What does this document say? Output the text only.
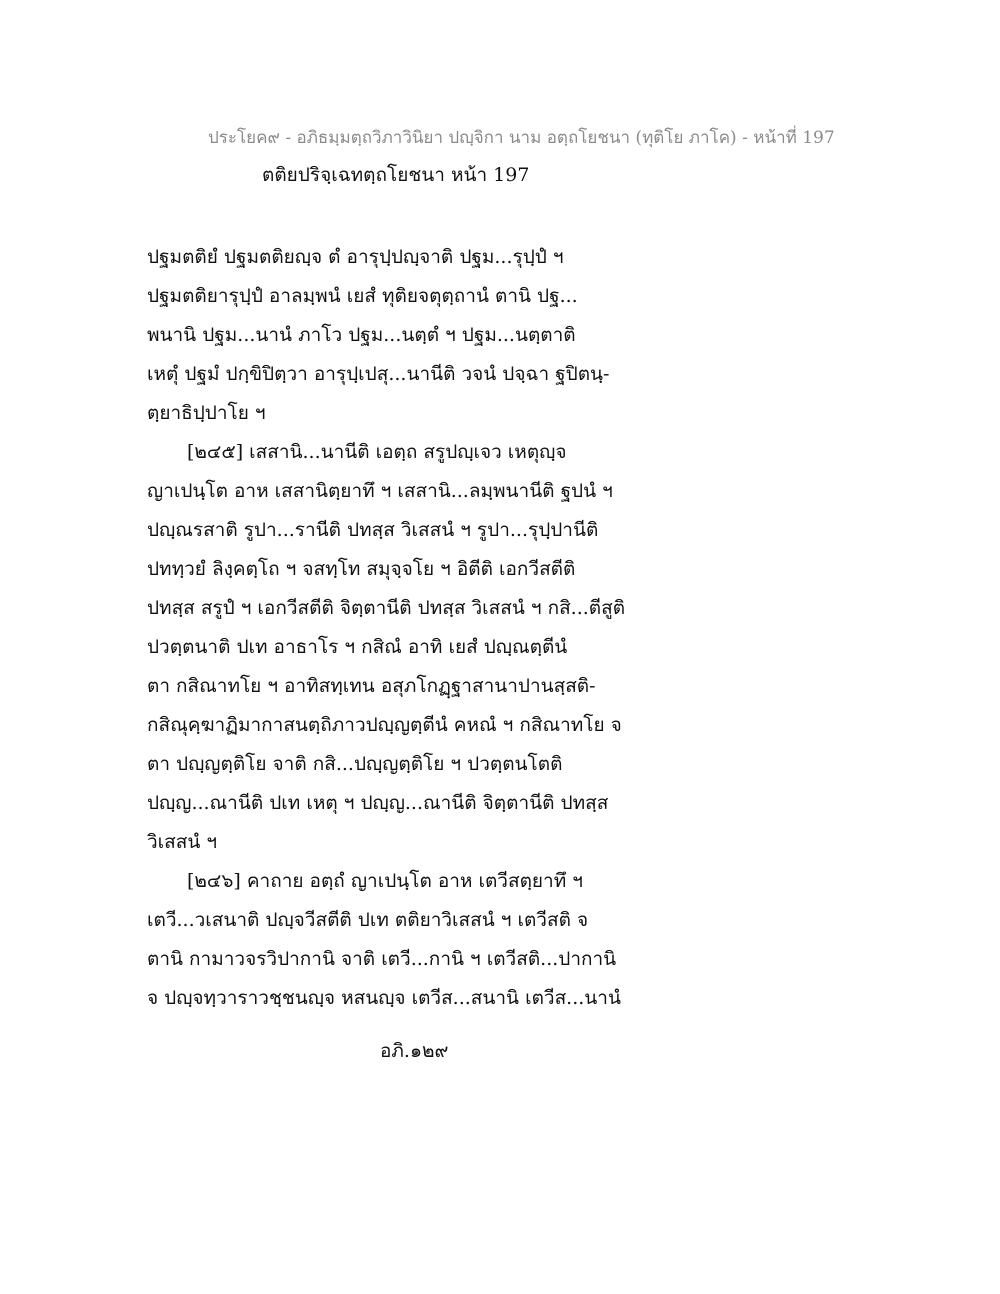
ประโยค๙ - อภิธมฺมตฺถวิภาวินิยา ปญฺจิกา นาม อตฺถโยชนา (ทุติโย ภาโค) - หน้าที่ 197
ตติยปริจฺเฉทตฺถโยชนา หน้า 197
ปฐมตติยํ ปฐมตติยญฺจ ตํ อารุปฺปญฺจาติ ปฐม...รุปฺปํ ฯ
ปฐมตติยารุปฺปํ อาลมฺพนํ เยสํ ทุติยจตุตฺถานํ ตานิ ปฐ...
พนานิ ปฐม...นานํ ภาโว ปฐม...นตฺตํ ฯ ปฐม...นตฺตาติ
เหตุํ ปฐมํ ปกฺขิปิตฺวา อารุปฺเปสุ...นานีติ วจนํ ปจฺฉา ฐปิตนฺ-
ตฺยาธิปฺปาโย ฯ
[๒๔๕] เสสานิ...นานีติ เอตฺถ สรูปญฺเจว เหตุญฺจ
ญาเปนฺโต อาห เสสานิตฺยาทึ ฯ เสสานิ...ลมฺพนานีติ ฐปนํ ฯ
ปญฺณรสาติ รูปา...รานีติ ปทสฺส วิเสสนํ ฯ รูปา...รุปฺปานีติ
ปททฺวยํ ลิงฺคตฺโถ ฯ จสทฺโท สมุจฺจโย ฯ อิตีติ เอกวีสตีติ
ปทสฺส สรูปํ ฯ เอกวีสตีติ จิตฺตานีติ ปทสฺส วิเสสนํ ฯ กสิ...ตีสูติ
ปวตฺตนาติ ปเท อาธาโร ฯ กสิณํ อาทิ เยสํ ปญฺณตฺตีนํ
ตา กสิณาทโย ฯ อาทิสทฺเทน อสุภโกฏฺฐาสานาปานสฺสติ-
กสิณุคฺฆาฏิมากาสนตฺถิภาวปญฺญตฺตีนํ คหณํ ฯ กสิณาทโย จ
ตา ปญฺญตฺติโย จาติ กสิ...ปญฺญตฺติโย ฯ ปวตฺตนโตติ
ปญฺญ...ณานีติ ปเท เหตุ ฯ ปญฺญ...ณานีติ จิตฺตานีติ ปทสฺส
วิเสสนํ ฯ
[๒๔๖] คาถาย อตฺถํ ญาเปนฺโต อาห เตวีสตฺยาทึ ฯ
เตวี...วเสนาติ ปญฺจวีสตีติ ปเท ตติยาวิเสสนํ ฯ เตวีสติ จ
ตานิ กามาวจรวิปากานิ จาติ เตวี...กานิ ฯ เตวีสติ...ปากานิ
จ ปญฺจทฺวาราวชฺชนญฺจ หสนญฺจ เตวีส...สนานิ เตวีส...นานํ
อภิ.๑๒๙
